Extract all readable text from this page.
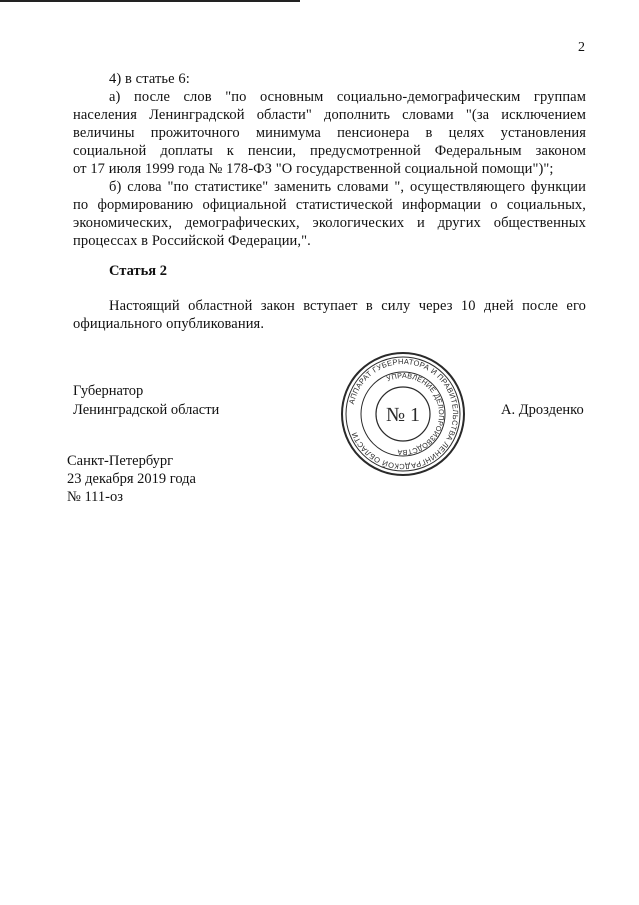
2
4) в статье 6:
а) после слов "по основным социально-демографическим группам
населения Ленинградской области" дополнить словами "(за исключением
величины прожиточного минимума пенсионера в целях установления
социальной доплаты к пенсии, предусмотренной Федеральным законом
от 17 июля 1999 года № 178-ФЗ "О государственной социальной помощи")";
б) слова "по статистике" заменить словами ", осуществляющего функции
по формированию официальной статистической информации о социальных,
экономических, демографических, экологических и других общественных
процессах в Российской Федерации,".
Статья 2
Настоящий областной закон вступает в силу через 10 дней после его
официального опубликования.
Губернатор
Ленинградской области
АППАРАТ ГУБЕРНАТОРА И ПРАВИТЕЛЬСТВА ЛЕНИНГРАДСКОЙ ОБЛАСТИ
УПРАВЛЕНИЕ ДЕЛОПРОИЗВОДСТВА
№ 1	А. Дрозденко
Санкт-Петербург
23 декабря 2019 года
№ 111-оз
